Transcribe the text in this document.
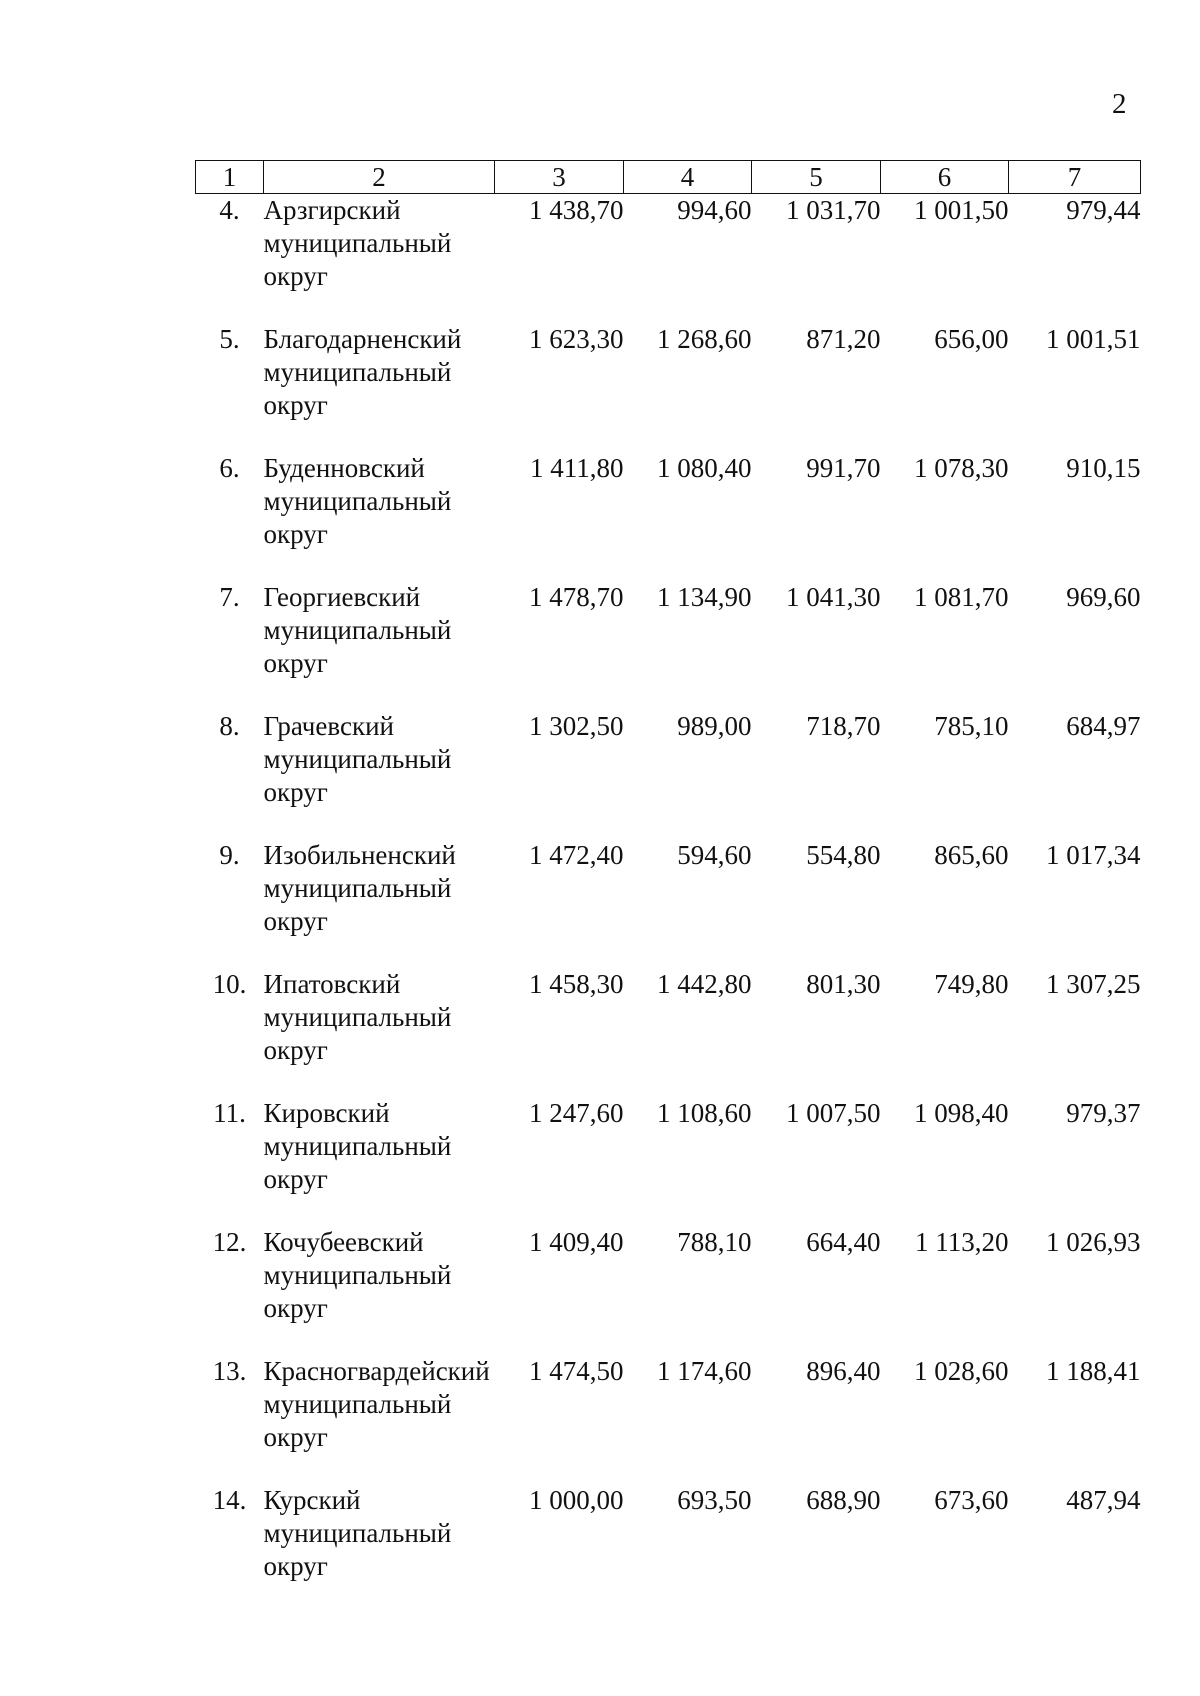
2
1	2	3	4	5	6	7
4.	Арзгирский муниципальный округ	1 438,70	994,60	1 031,70	1 001,50	979,44
5.	Благодарненский муниципальный округ	1 623,30	1 268,60	871,20	656,00	1 001,51
6.	Буденновский муниципальный округ	1 411,80	1 080,40	991,70	1 078,30	910,15
7.	Георгиевский муниципальный округ	1 478,70	1 134,90	1 041,30	1 081,70	969,60
8.	Грачевский муниципальный округ	1 302,50	989,00	718,70	785,10	684,97
9.	Изобильненский муниципальный округ	1 472,40	594,60	554,80	865,60	1 017,34
10.	Ипатовский муниципальный округ	1 458,30	1 442,80	801,30	749,80	1 307,25
11.	Кировский муниципальный округ	1 247,60	1 108,60	1 007,50	1 098,40	979,37
12.	Кочубеевский муниципальный округ	1 409,40	788,10	664,40	1 113,20	1 026,93
13.	Красногвардейский муниципальный округ	1 474,50	1 174,60	896,40	1 028,60	1 188,41
14.	Курский муниципальный округ	1 000,00	693,50	688,90	673,60	487,94
